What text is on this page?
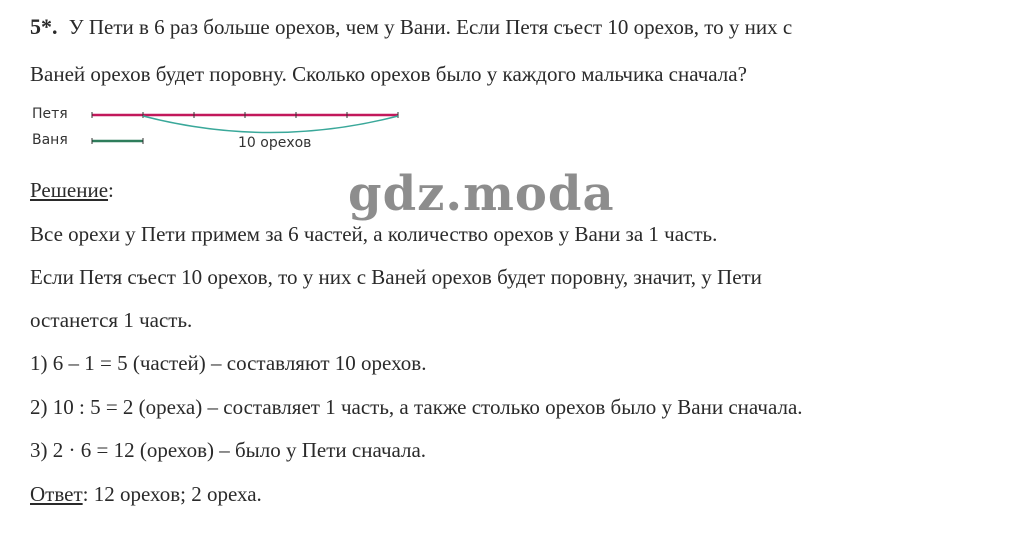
5*. У Пети в 6 раз больше орехов, чем у Вани. Если Петя съест 10 орехов, то у них с
Ваней орехов будет поровну. Сколько орехов было у каждого мальчика сначала?
Петя
Ваня	10 орехов
gdz.moda
Решение:
Все орехи у Пети примем за 6 частей, а количество орехов у Вани за 1 часть.
Если Петя съест 10 орехов, то у них с Ваней орехов будет поровну, значит, у Пети
останется 1 часть.
1) 6 – 1 = 5 (частей) – составляют 10 орехов.
2) 10 : 5 = 2 (ореха) – составляет 1 часть, а также столько орехов было у Вани сначала.
3) 2 · 6 = 12 (орехов) – было у Пети сначала.
Ответ: 12 орехов; 2 ореха.
